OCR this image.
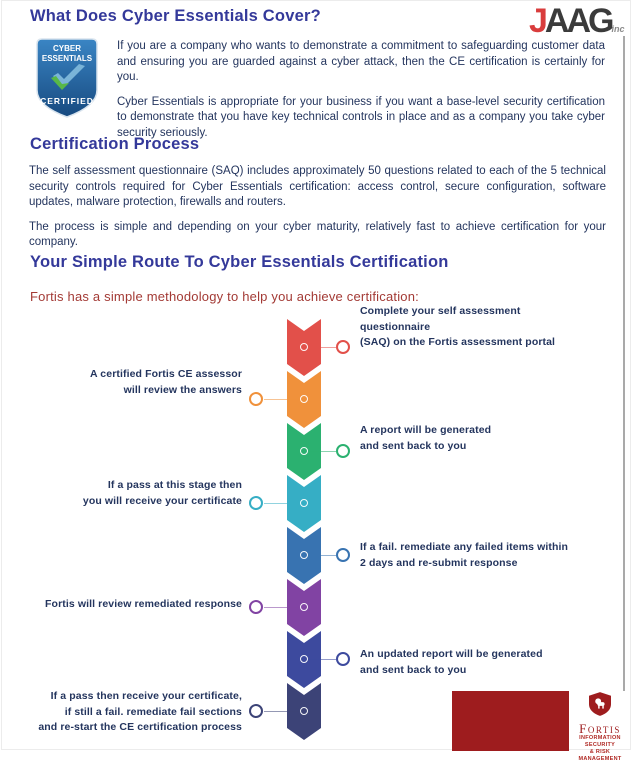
What Does Cyber Essentials Cover?	JAAGinc
CYBER
ESSENTIALS
CERTIFIED

If you are a company who wants to demonstrate a commitment to safeguarding customer data and ensuring you are guarded against a cyber attack, then the CE certification is certainly for you.

Cyber Essentials is appropriate for your business if you want a base-level security certification to demonstrate that you have key technical controls in place and as a company you take cyber security seriously.

Certification Process

The self assessment questionnaire (SAQ) includes approximately 50 questions related to each of the 5 technical security controls required for Cyber Essentials certification: access control, secure configuration, software updates, malware protection, firewalls and routers.

The process is simple and depending on your cyber maturity, relatively fast to achieve certification for your company.

Your Simple Route To Cyber Essentials Certification
Fortis has a simple methodology to help you achieve certification:
Complete your self assessment questionnaire
(SAQ) on the Fortis assessment portal
A certified Fortis CE assessor
will review the answers
A report will be generated
and sent back to you
If a pass at this stage then
you will receive your certificate
If a fail. remediate any failed items within
2 days and re-submit response
Fortis will review remediated response
An updated report will be generated
and sent back to you
If a pass then receive your certificate,
if still a fail. remediate fail sections
and re-start the CE certification process	Fortis
INFORMATION SECURITY
& RISK MANAGEMENT
